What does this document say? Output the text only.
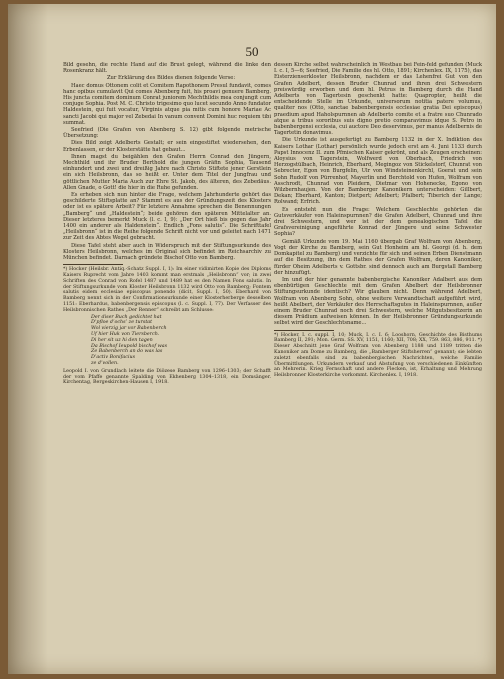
50

Bild gesehn, die rechte Hand auf die Brust gelegt, während die linke den Rosenkranz hält.

Zur Erklärung des Bildes dienen folgende Verse:

Haec domus Ottonem colit et Comitem Rapothonem Presul fundavit, comes hanc opibus cumulavit Qui comes Abenberg fuit, his proavi genuere Bamberg. His juncta comitem dominum Conrat juniorem Mechthildis mea conjungit cum conjuge Sophia. Post M. C. Christo trigesimo quo lucet secundo Anno fundator Haldestein, qui fuit vocatur, Virginis atque pia mitis cum honore Mariae Ac sancti Jacobi qui major vel Zebedai In vanum convent Domini huc requiem tibi summat.

Seefried (Die Grafen von Abenberg S. 12) gibt folgende metrische Übersetzung:

Dies Bild zeigt Adelberts Gestalt; er sein eingestiftet wiedersehen, den Erbenlassen, er der Klosterstätte hat gebaut...

Ihnen magst du beigählen den Grafen Herrn Conrad den Jüngern, Mechthild und ihr Bruder Berthold die jungen Gräfin Sophia, Tausend einhundert und zwei und dreißig Jahre nach Christo Stiftete jener Gerstlein ein sich Heilsbronn, das so heißt er. Unter dem Titel der Jungfrau und göttlichen Mutter Maria Auch zur Ehre St. Jakob, des älteren, des Zebedäus. Allen Gnade, o Gott! die hier in die Ruhe gefunden.

Es erheben sich nun hinter die Frage, welchem Jahrhunderte gehört das geschilderte Stiftsplatte an? Stammt es aus der Gründungszeit des Klosters oder ist es spätere Arbeit? Für letztere Annahme sprechen die Benennungen „Bamberg“ und „Haldestein“; beide gehören den späteren Mittelalter an. Dieser letzteres bemerkt Muck (l. c. I, 9): „Der Ort hieß bis gegen das Jahr 1400 ein anderer als Haldenstein“. Endlich „Fons salutis“. Die Schrifttafel „Heilsbronn“ ist in die Reihe folgende Schrift nicht vor und geleitet nach 1471 zur Zeit des Abtes Wegel gebracht.

Diese Tafel steht aber auch in Widerspruch mit der Stiftungsurkunde des Klosters Heilsbronn, welches im Original sich befindet im Reichsarchiv zu München befindet. Darnach gründete Bischof Otto von Bamberg.

*) Hocker (Heilsbr. Antiq.-Schatz Suppl. I, 1): Im einer vidimirten Kopie des Diploms Kaisers Ruprecht vom Jahre 1403 kommt man erstmals „Heilsbronn“ vor; in zwei Schriften des Conrad von Rofel 1487 und 1489 hat es den Namen Fons salutis. In der Stiftungsurkunde vom Kloster Heilsbronn 1132 wird Otto von Bamberg; Fontem salutis eidem ecclesiae episcopus ponendo (dicit, Suppl. I, 50). Eberhard von Bamberg nennt sich in der Confirmationsurkunde einer Klosterherberge desselben 1151: Eberhardus, babenbergensis episcopus (l. c. Suppl. I, 77). Der Verfasser des Heilsbronnischen Rathes „Der Renner“ schreibt am Schlusse:

Der diser Buch gedichtet hat
D’pfloe d’ochs’ ze turstat
Wol vierzig jar vor Babenberch
Uf hier Huk von Tiersberch.
Di her sit uz hi den tagen
Da Bischof Ieupold bischof was
Ze Babenberch an do was las
D’activ Bonifacius
ze d’vollen.

Leopold I. von Grundlach leitete die Diözese Bamberg von 1296–1303; der Schafft der vom Pfaffe genannte Spalding von Ekhenberg 1304–1318, ein Domsänger. Kirchentag, Bergeskirchen-Hausen I, 1918.

dessen Kirche selbst wahrscheinlich in Westbau bei Fein-feld gefunden (Muck I. c. I, 5—6; Seefried, Die Familie des hl. Otto, 1891; Kirchenlex. IX, 1175), das Eisterzienserkloster Heilsbronn, nachdem er das Lehenfrei Gut von den Grafen Adelbert, dessen Bruder Chunrad und ihren drei Schwestern preiswürdig erworben und dem hl. Petrus in Bamberg durch die Hand Adelberts von Tagertesin geschenkt hatte: Quapropter, heißt die entscheidende Stelle im Urkunde, universorum notitia patere volumus, qualiter nos (Otto, sanctae babenbergensis ecclesiae gratia Dei episcopus) praedium apud Haholspurnnen ab Adelberto comite et a fratre suo Chunrado atque a tribus sororibus suis digno pretio comparavimus idque S. Petro in babenbergensi ecclesia, cui auctore Deo deservimus, per manus Adelbernis de Tagertetin donavimus.

Die Urkunde ist ausgefertigt zu Bamberg 1132 in der X. Indiktion des Kaisers Lothar (Lothar) persönlich wurde jedoch erst am 4. Juni 1133 durch Papst Innocenz II. zum Pfmischen Kaiser gekrönt, und als Zeugen erscheinen: Aloysius von Tagerstein, Wolfwerd von Oberbach, Friedrich von Herzogstülbach, Heinrich, Eberhard, Megingoz von Stickelstorf, Chunrat von Sebrecter, Egon von Burgfelin, Ulr von Windsteinenkirchl, Goerat und sein Sohn Rudolf von Pürrenhof, Mayerlin und Berchtold von Hufen, Wolfram von Asschrodt, Chunrad von Pleidern, Dietmar von Hohenecke, Egono von Wilzbernhaujen. Von der Bamberger Kanonikern unterscheiden: Gillbert, Dekan; Eberhard, Kanton; Dietpert; Adelbert; Pfalbert; Tiberich der Lange; Rolwand; Erfrich.

Es entsteht nun die Frage: Welchem Geschlechte gehörten die Gutsverkäufer von Haleinspurnnen? die Grafen Adelbert, Chunrad und ihre drei Schwestern, und wer ist der dem genealogischen Tafel die Grafsvereinigung angeführte Konrad der Jüngere und seine Schwester Sophia?

Gemäß Urkunde vom 19. Mai 1160 übergab Graf Wolfram von Abenberg, Vogt der Kirche zu Bamberg, sein Gut Honheim am hl. Georgi (d. h. dem Domkapitel zu Bamberg) und verzichte für sich und seinen Erben Dienstmann auf die Besitzung, ihn dem Rathes der Grafen Wolfram, deren Kanoniker, fürder Oheim Adelberts v. Gottsbr. sind dennoch auch am Burgstall Bamberg der hinzufügt.

Im und der hier genannte babenbergische Kanoniker Adalbert aus dem ebenbürtigen Geschlechte mit dem Grafen Abelbert der Heilsbronner Stiftungsurkunde identisch? Wir glauben nicht. Denn während Adelbert, Wolfram von Abenberg Sohn, ohne weitere Verwandtschaft aufgeführt wird, heißt Abelbert, der Verkäufer des Herrschaftsgutes in Haleinspurnnen, außer einem Bruder Chunrad noch drei Schwestern, welche Mitgutsbesitzerin an diesem Prädium aufweisen können. In der Heilsbronner Gründungsurkunde selbst wird der Geschlechtsname...

*) Hocker, I. c. suppl. I, 10; Muck, I. c. I. 6; Looshorn, Geschichte des Bisthums Bamberg II, 291; Mon. Germ. SS. XV, 1151, 1160; XII, 708; XX, 759. 863, 886, 911. *) Dieser Abschnitt jene Graf Wolfram von Abenberg 1188 und 1189 tritten die Kanoniker am Dome zu Bamberg, die „Bamberger Stiftsherren“ genannt; sie lebten zuletzt ebenfalls sind zu babenbergischen Nachrichten, welche Familie Übermittlungen. Urkundern verkauf und Abstufung von verschiedenen Einkünften an Mehrerin. Krieg Fernschaft und andere Flecken, ist, Erhaltung und Mehrung Heilsbronner Klosterkirche vorkommt. Kirchenlex. I, 1918.
